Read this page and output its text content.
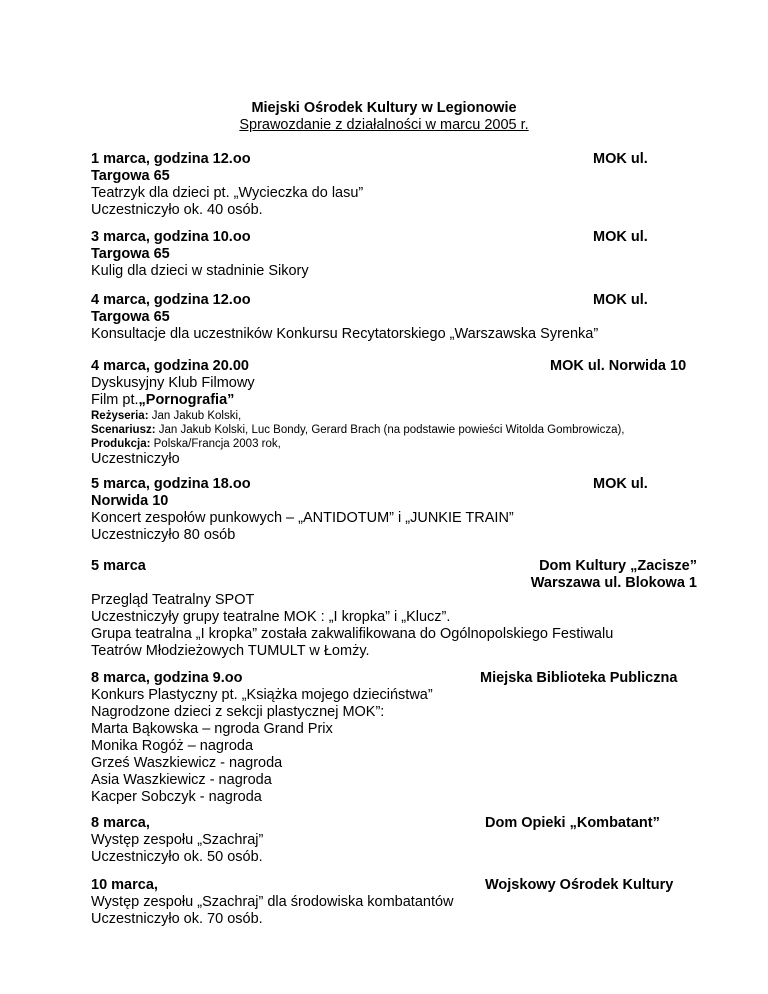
Miejski Ośrodek Kultury w Legionowie
Sprawozdanie z działalności w marcu 2005 r.
1 marca, godzina 12.oo	MOK ul.
Targowa 65
Teatrzyk dla dzieci pt. „Wycieczka do lasu”
Uczestniczyło ok. 40 osób.
3 marca, godzina 10.oo	MOK ul.
Targowa 65
Kulig dla dzieci w stadninie Sikory
4 marca, godzina 12.oo	MOK ul.
Targowa 65
Konsultacje dla uczestników Konkursu Recytatorskiego „Warszawska Syrenka”
4 marca, godzina 20.00	MOK ul. Norwida 10
Dyskusyjny Klub Filmowy
Film pt.„Pornografia”
Reżyseria: Jan Jakub Kolski,
Scenariusz: Jan Jakub Kolski, Luc Bondy, Gerard Brach (na podstawie powieści Witolda Gombrowicza),
Produkcja: Polska/Francja 2003 rok,
Uczestniczyło
5 marca, godzina 18.oo	MOK ul.
Norwida 10
Koncert zespołów punkowych – „ANTIDOTUM” i „JUNKIE TRAIN”
Uczestniczyło 80 osób
5 marca	Dom Kultury „Zacisze”
Warszawa ul. Blokowa 1
Przegląd Teatralny SPOT
Uczestniczyły grupy teatralne MOK : „I kropka” i „Klucz”.
Grupa teatralna „I kropka” została zakwalifikowana do Ogólnopolskiego Festiwalu
Teatrów Młodzieżowych TUMULT w Łomży.
8 marca, godzina 9.oo	Miejska Biblioteka Publiczna
Konkurs Plastyczny pt. „Książka mojego dzieciństwa”
Nagrodzone dzieci z sekcji plastycznej MOK”:
Marta Bąkowska – ngroda Grand Prix
Monika Rogóż – nagroda
Grześ Waszkiewicz - nagroda
Asia Waszkiewicz - nagroda
Kacper Sobczyk - nagroda
8 marca,	Dom Opieki „Kombatant”
Występ zespołu „Szachraj”
Uczestniczyło ok. 50 osób.
10 marca,	Wojskowy Ośrodek Kultury
Występ zespołu „Szachraj” dla środowiska kombatantów
Uczestniczyło ok. 70 osób.
